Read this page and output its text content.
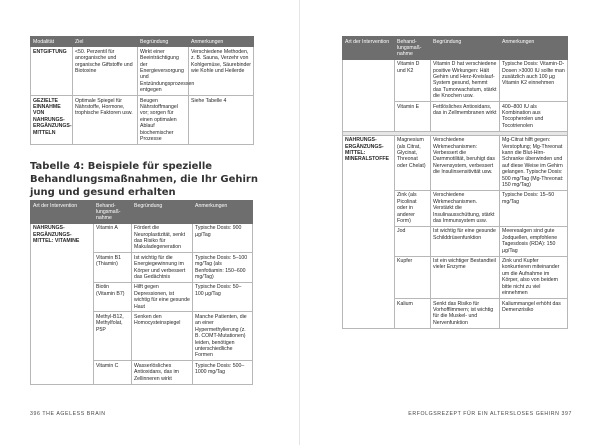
Modalität	Ziel	Begründung	Anmerkungen
ENTGIFTUNG	<50. Perzentil für anorganische und organische Giftstoffe und Biotoxine	Wirkt einer Beeinträchtigung der Energieversorgung und Entzündungsprozessen entgegen	Verschiedene Methoden, z. B. Sauna, Verzehr von Kohlgemüse, Säurebinder wie Kohle und Heilerde
GEZIELTE EINNAHME VON NAHRUNGS-ERGÄNZUNGS-MITTELN	Optimale Spiegel für Nährstoffe, Hormone, trophische Faktoren usw.	Beugen Nährstoffmangel vor; sorgen für einen optimalen Ablauf biochemischer Prozesse	Siehe Tabelle 4
Tabelle 4: Beispiele für spezielle Behandlungsmaßnahmen, die Ihr Gehirn jung und gesund erhalten
Art der Intervention	Behand-lungsmaß-nahme	Begründung	Anmerkungen
NAHRUNGS-ERGÄNZUNGS-MITTEL: VITAMINE	Vitamin A	Fördert die Neuroplastizität, senkt das Risiko für Makuladegeneration	Typische Dosis: 900 µg/Tag
	Vitamin B1 (Thiamin)	Ist wichtig für die Energiegewinnung im Körper und verbessert das Gedächtnis	Typische Dosis: 5–100 mg/Tag (als Benfotiamin: 150–600 mg/Tag)
	Biotin (Vitamin B7)	Hilft gegen Depressionen, ist wichtig für eine gesunde Haut	Typische Dosis: 50–100 µg/Tag
	Methyl-B12, Methylfolat, P5P	Senken den Homocysteinspiegel	Manche Patienten, die an einer Hypermethylierung (z. B. COMT-Mutationen) leiden, benötigen unterschiedliche Formen
	Vitamin C	Wasserlösliches Antioxidans, das im Zellinneren wirkt	Typische Dosis: 500–1000 mg/Tag
396 THE AGELESS BRAIN
Art der Intervention	Behand-lungsmaß-nahme	Begründung	Anmerkungen
	Vitamin D und K2	Vitamin D hat verschiedene positive Wirkungen: Hält Gehirn und Herz-Kreislauf-System gesund, hemmt das Tumorwachstum, stärkt die Knochen usw.	Typische Dosis: Vitamin-D-Dosen >3000 IU sollte man zusätzlich auch 100 µg Vitamin K2 einnehmen
	Vitamin E	Fettlösliches Antioxidans, das in Zellmembranen wirkt	400–800 IU als Kombination aus Tocopherolen und Tocotrienolen

NAHRUNGS-ERGÄNZUNGS-MITTEL: MINERALSTOFFE	Magnesium (als Citrat, Glycinat, Threonat oder Chelat)	Verschiedene Wirkmechanismen: Verbessert die Darmmotilität, beruhigt das Nervensystem, verbessert die Insulinsensitivität usw.	Mg-Citrat hilft gegen: Verstopfung; Mg-Threonat kann die Blut-Hirn-Schranke überwinden und auf diese Weise im Gehirn gelangen. Typische Dosis: 500 mg/Tag (Mg-Threonat: 150 mg/Tag)
	Zink (als Picolinat oder in anderer Form)	Verschiedene Wirkmechanismen. Verstärkt die Insulinausschüttung, stärkt das Immunsystem usw.	Typische Dosis: 15–50 mg/Tag
	Jod	Ist wichtig für eine gesunde Schilddrüsenfunktion	Meeresalgen sind gute Jodquellen, empfohlene Tagesdosis (RDA): 150 µg/Tag
	Kupfer	Ist ein wichtiger Bestandteil vieler Enzyme	Zink und Kupfer konkurrieren miteinander um die Aufnahme im Körper, also von beidem bitte nicht zu viel einnehmen
	Kalium	Senkt das Risiko für Vorhofflimmern; ist wichtig für die Muskel- und Nervenfunktion	Kaliummangel erhöht das Demenzrisiko
ERFOLGSREZEPT FÜR EIN ALTERSLOSES GEHIRN 397
